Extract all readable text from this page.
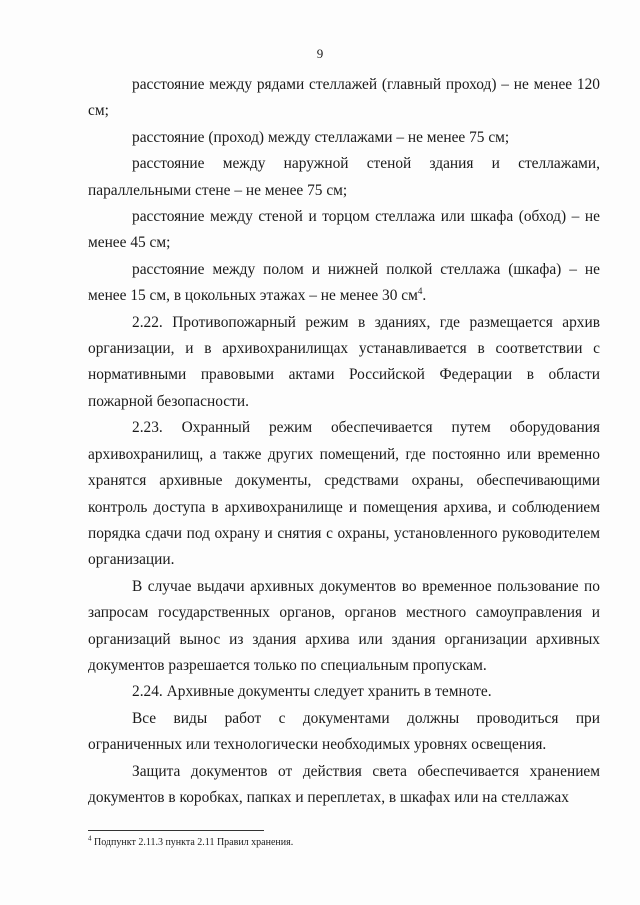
9

расстояние между рядами стеллажей (главный проход) – не менее 120 см;

расстояние (проход) между стеллажами – не менее 75 см;

расстояние между наружной стеной здания и стеллажами, параллельными стене – не менее 75 см;

расстояние между стеной и торцом стеллажа или шкафа (обход) – не менее 45 см;

расстояние между полом и нижней полкой стеллажа (шкафа) – не менее 15 см, в цокольных этажах – не менее 30 см$^4$.

2.22. Противопожарный режим в зданиях, где размещается архив организации, и в архивохранилищах устанавливается в соответствии с нормативными правовыми актами Российской Федерации в области пожарной безопасности.

2.23. Охранный режим обеспечивается путем оборудования архивохранилищ, а также других помещений, где постоянно или временно хранятся архивные документы, средствами охраны, обеспечивающими контроль доступа в архивохранилище и помещения архива, и соблюдением порядка сдачи под охрану и снятия с охраны, установленного руководителем организации.

В случае выдачи архивных документов во временное пользование по запросам государственных органов, органов местного самоуправления и организаций вынос из здания архива или здания организации архивных документов разрешается только по специальным пропускам.

2.24. Архивные документы следует хранить в темноте.

Все виды работ с документами должны проводиться при ограниченных или технологически необходимых уровнях освещения.

Защита документов от действия света обеспечивается хранением документов в коробках, папках и переплетах, в шкафах или на стеллажах

$^4$ Подпункт 2.11.3 пункта 2.11 Правил хранения.
